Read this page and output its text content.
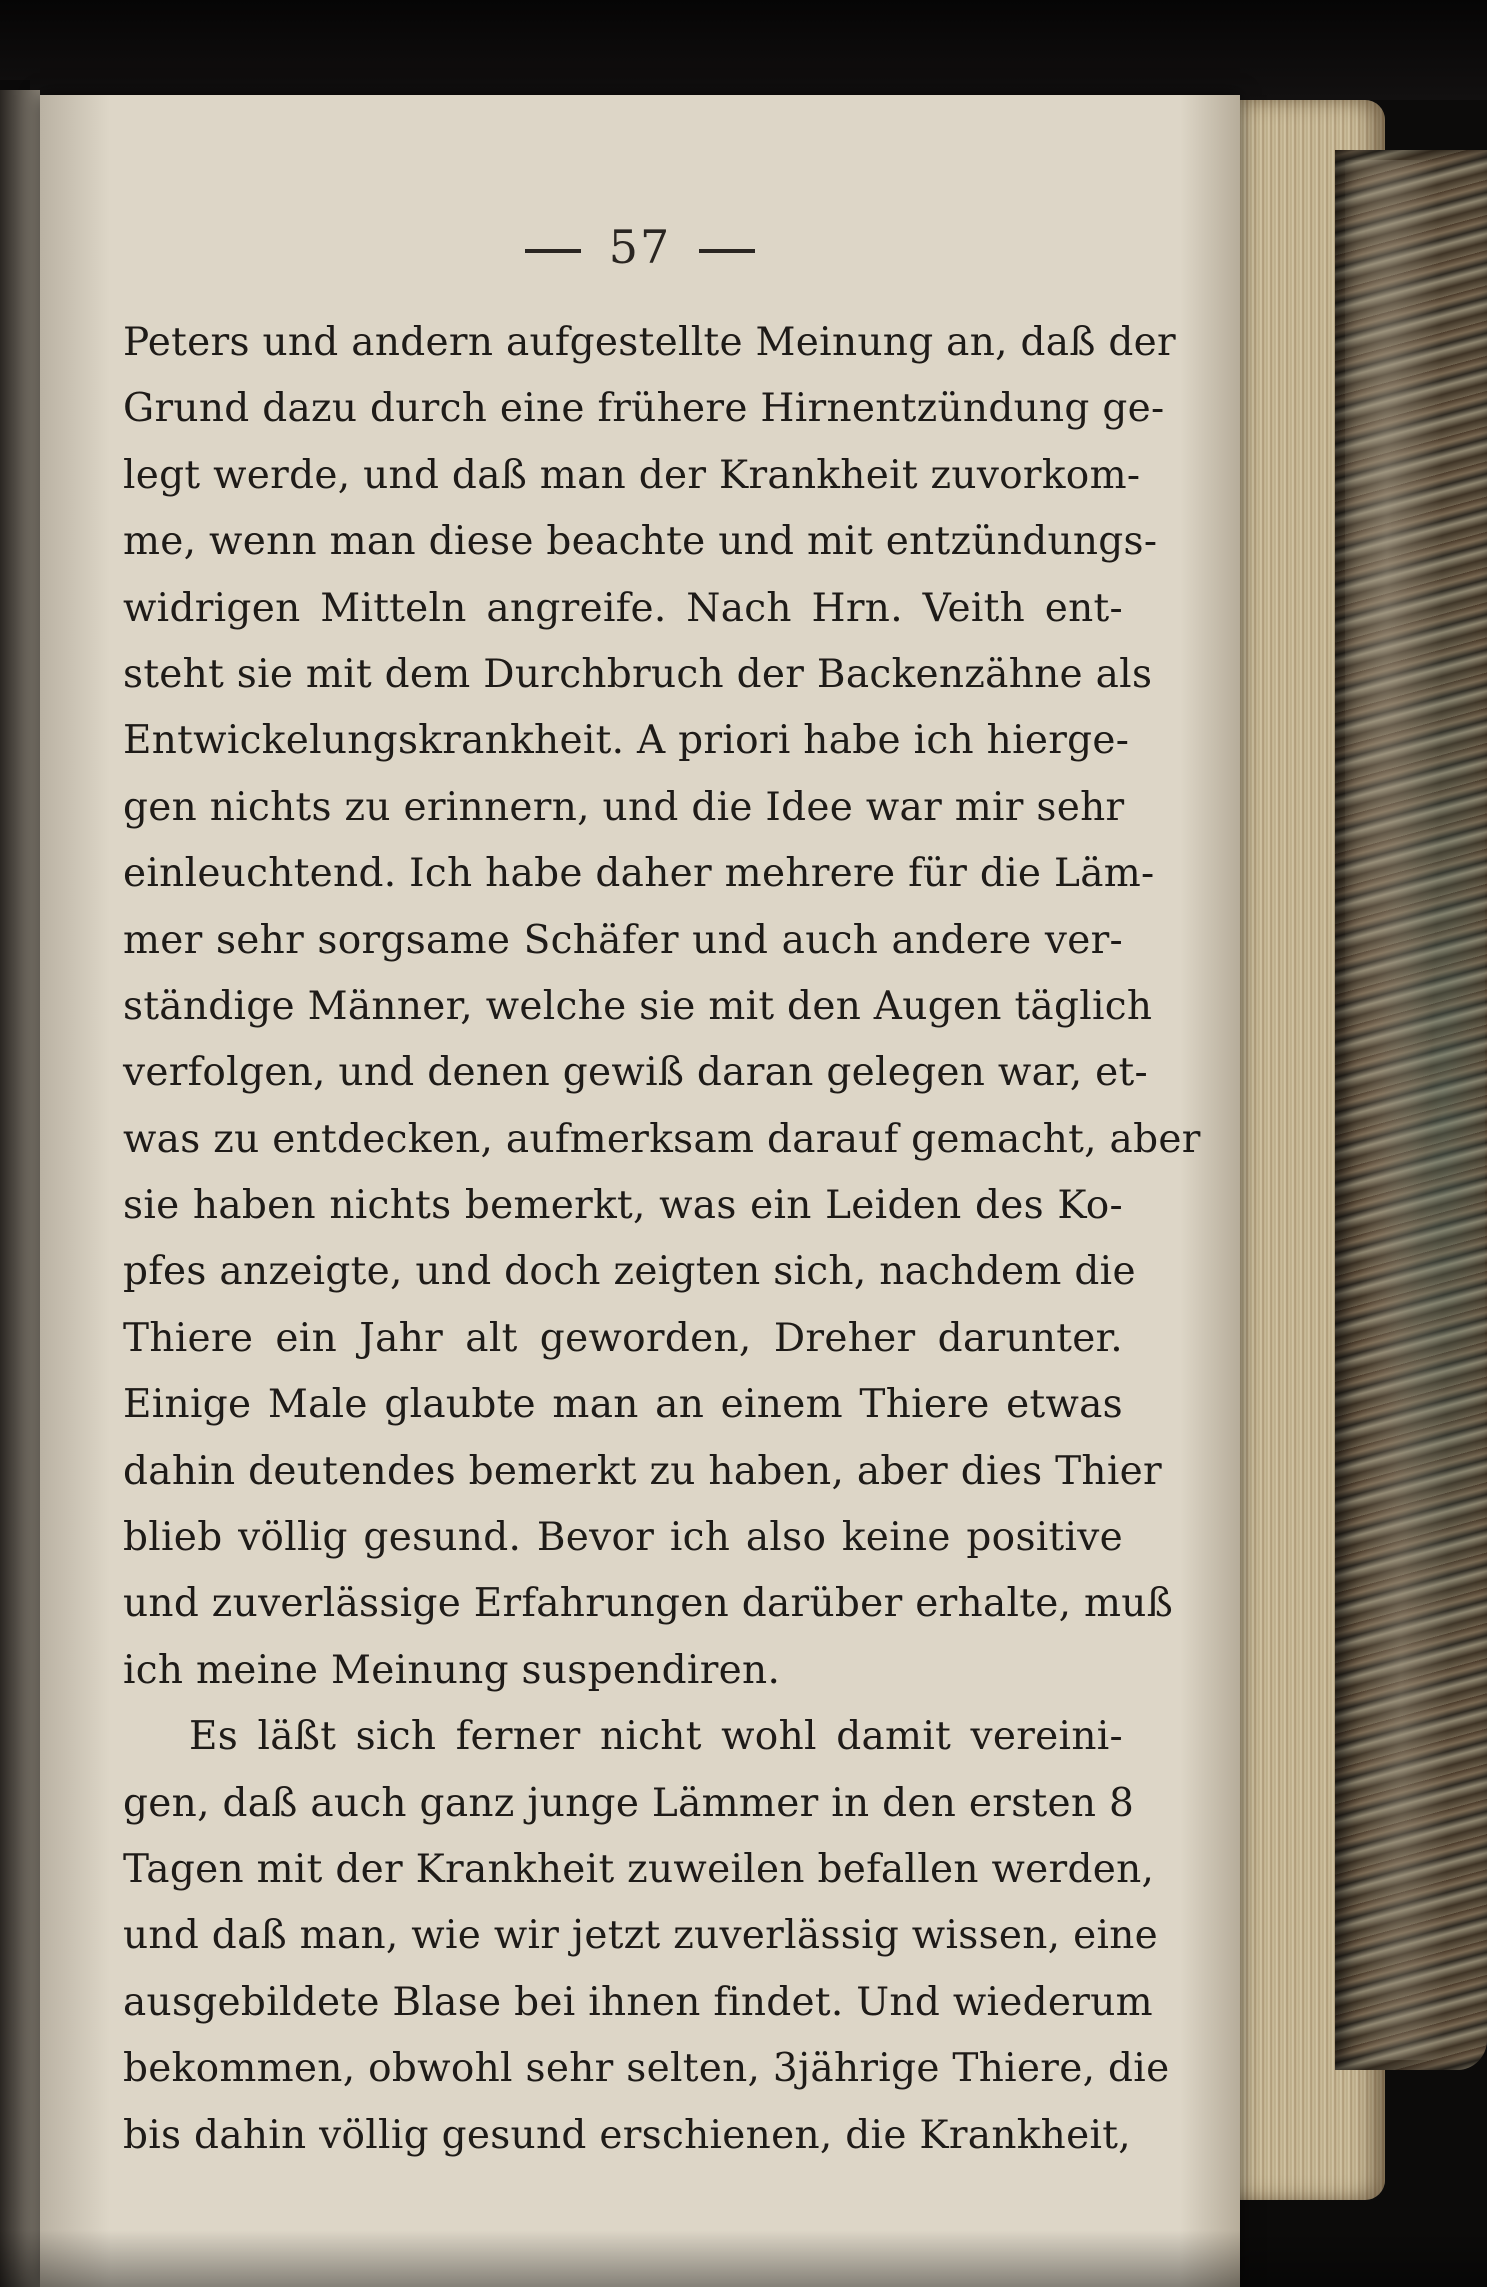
57
Peters und andern aufgestellte Meinung an, daß der
Grund dazu durch eine frühere Hirnentzündung ge-
legt werde, und daß man der Krankheit zuvorkom-
me, wenn man diese beachte und mit entzündungs-
widrigen Mitteln angreife. Nach Hrn. Veith ent-
steht sie mit dem Durchbruch der Backenzähne als
Entwickelungskrankheit. A priori habe ich hierge-
gen nichts zu erinnern, und die Idee war mir sehr
einleuchtend. Ich habe daher mehrere für die Läm-
mer sehr sorgsame Schäfer und auch andere ver-
ständige Männer, welche sie mit den Augen täglich
verfolgen, und denen gewiß daran gelegen war, et-
was zu entdecken, aufmerksam darauf gemacht, aber
sie haben nichts bemerkt, was ein Leiden des Ko-
pfes anzeigte, und doch zeigten sich, nachdem die
Thiere ein Jahr alt geworden, Dreher darunter.
Einige Male glaubte man an einem Thiere etwas
dahin deutendes bemerkt zu haben, aber dies Thier
blieb völlig gesund. Bevor ich also keine positive
und zuverlässige Erfahrungen darüber erhalte, muß
ich meine Meinung suspendiren.
Es läßt sich ferner nicht wohl damit vereini-
gen, daß auch ganz junge Lämmer in den ersten 8
Tagen mit der Krankheit zuweilen befallen werden,
und daß man, wie wir jetzt zuverlässig wissen, eine
ausgebildete Blase bei ihnen findet. Und wiederum
bekommen, obwohl sehr selten, 3jährige Thiere, die
bis dahin völlig gesund erschienen, die Krankheit,
